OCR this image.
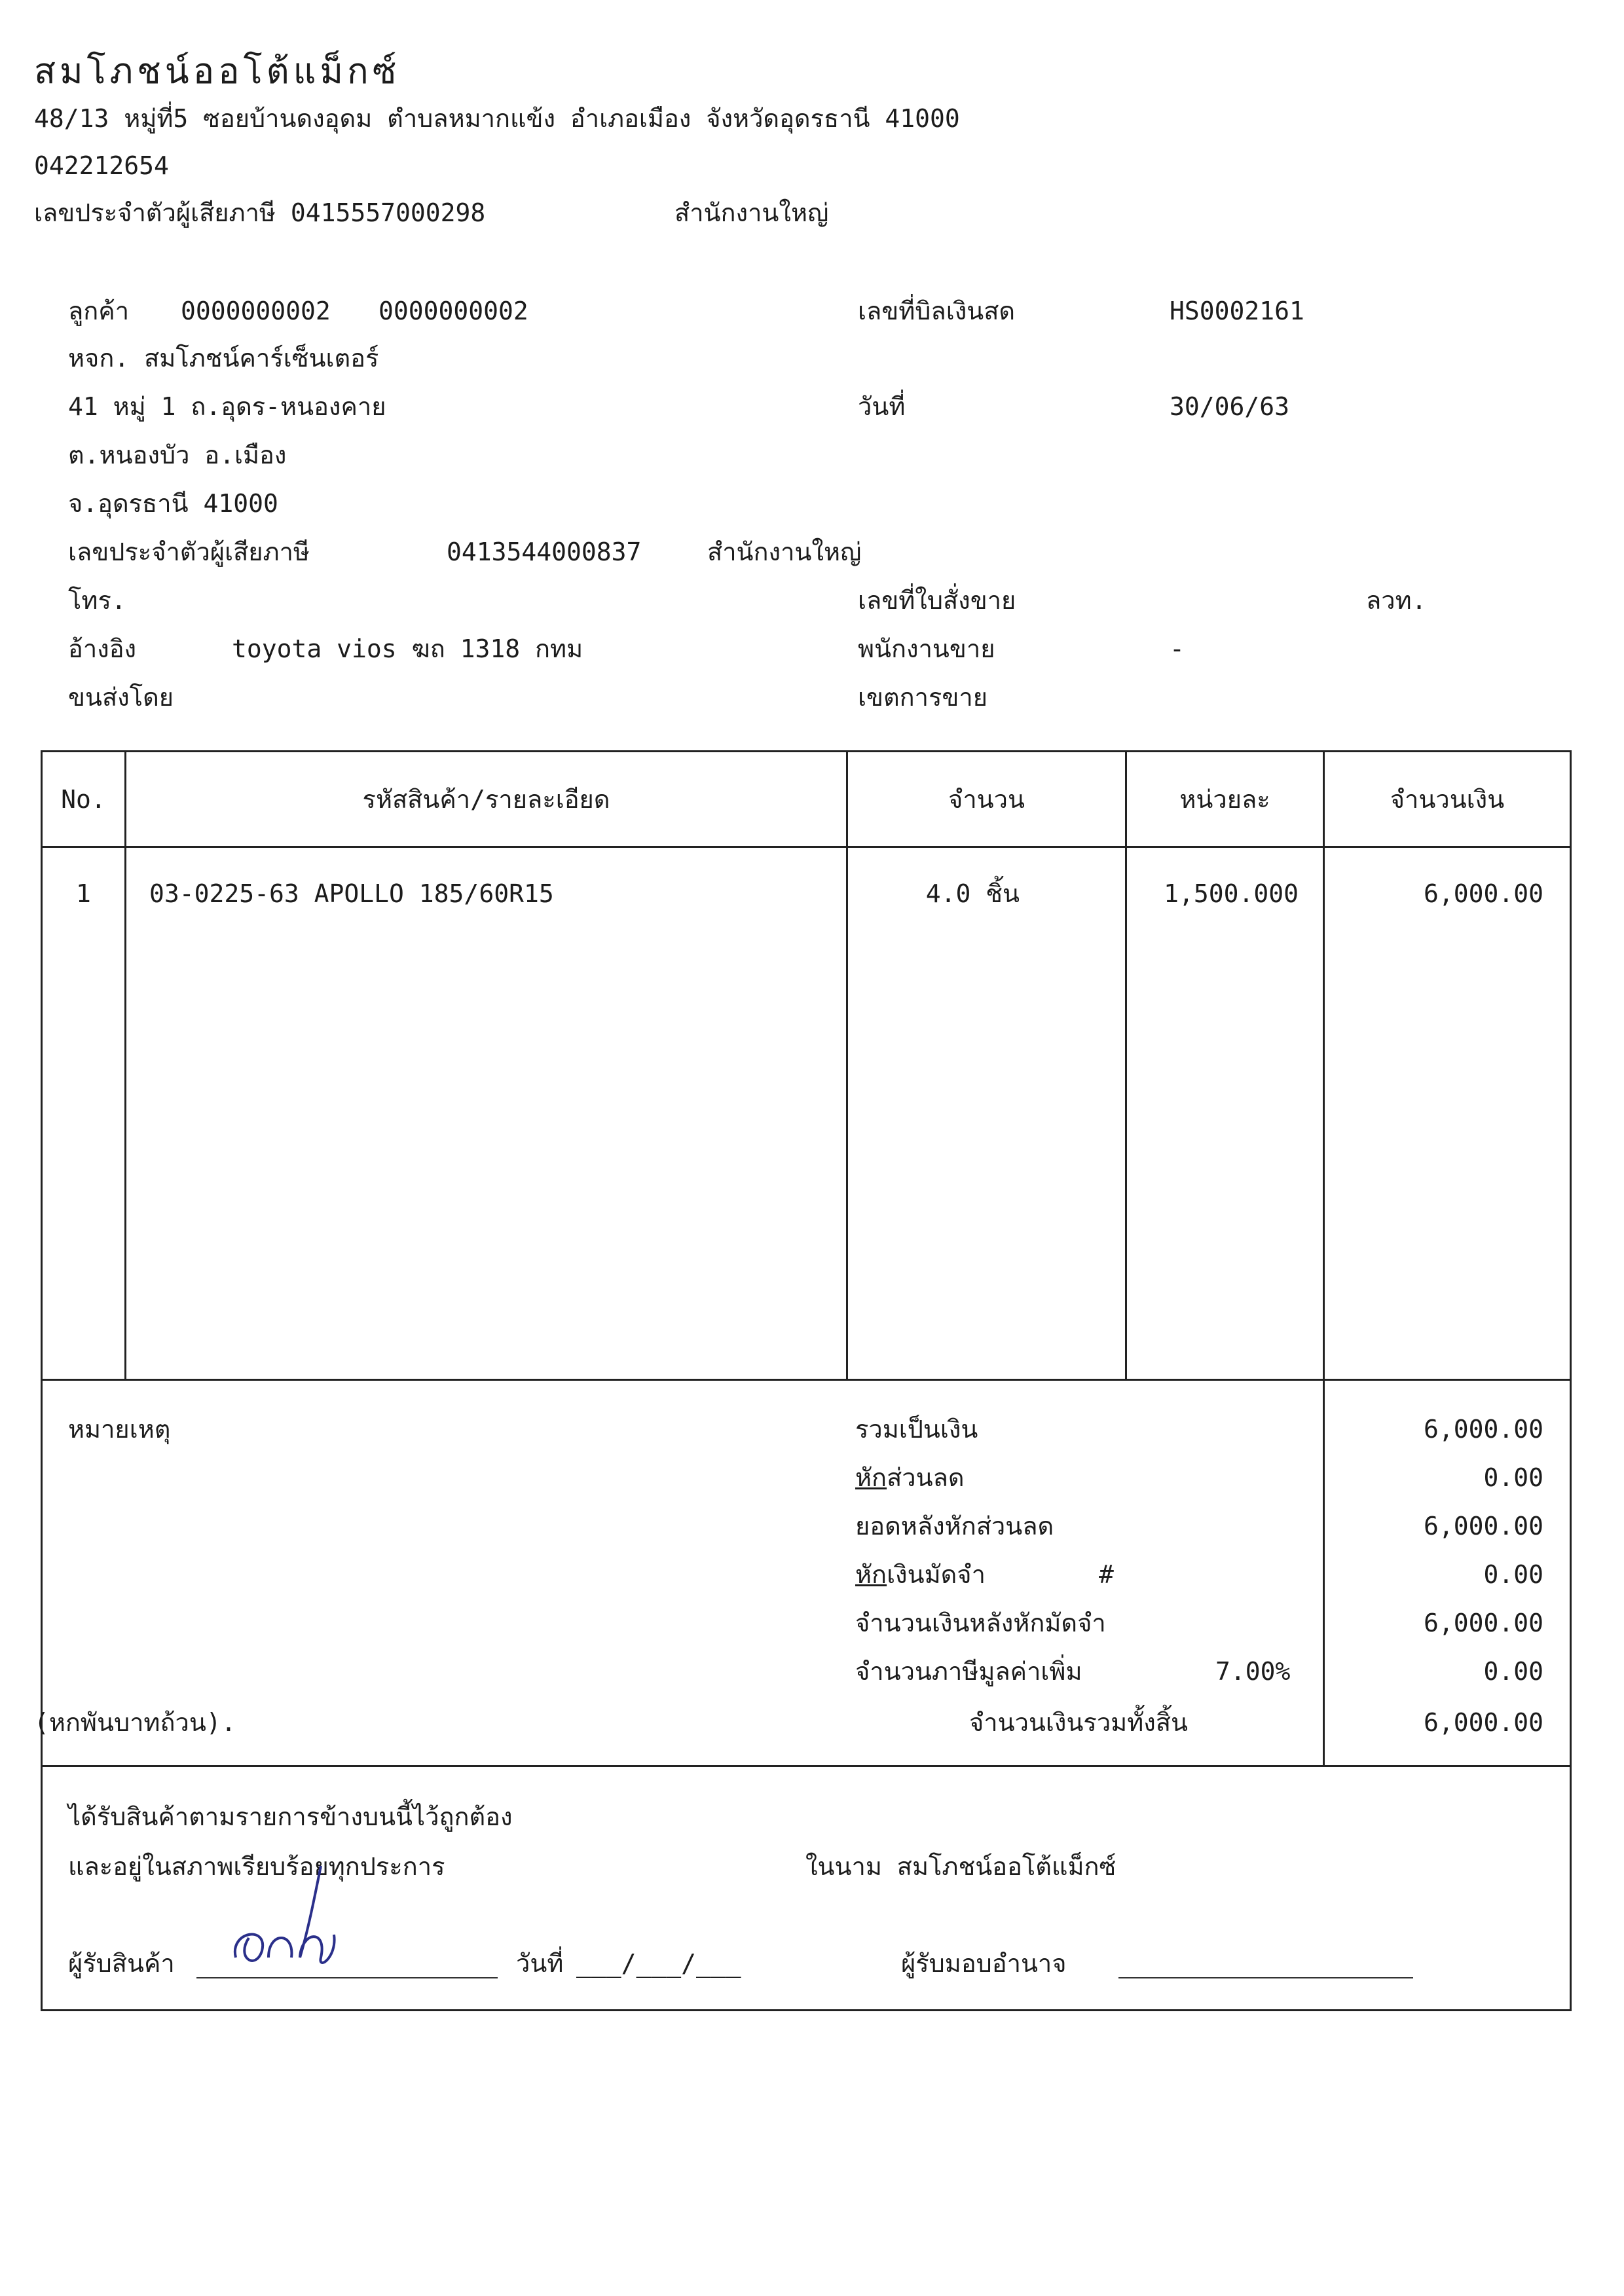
สมโภชน์ออโต้แม็กซ์
48/13 หมู่ที่5 ซอยบ้านดงอุดม ตำบลหมากแข้ง อำเภอเมือง จังหวัดอุดรธานี 41000
042212654
เลขประจำตัวผู้เสียภาษี 0415557000298	สำนักงานใหญ่
ลูกค้า 0000000002 0000000002
หจก. สมโภชน์คาร์เซ็นเตอร์
41 หมู่ 1 ถ.อุดร-หนองคาย
ต.หนองบัว อ.เมือง
จ.อุดรธานี 41000
เลขประจำตัวผู้เสียภาษี	0413544000837	สำนักงานใหญ่
โทร.
อ้างอิง	toyota vios ฆถ 1318 กทม
ขนส่งโดย
เลขที่บิลเงินสด	HS0002161
วันที่	30/06/63
เลขที่ใบสั่งขาย	ลวท.
พนักงานขาย	-
เขตการขาย
No.	รหัสสินค้า/รายละเอียด	จำนวน	หน่วยละ	จำนวนเงิน
1	03-0225-63 APOLLO 185/60R15	4.0 ชิ้น	1,500.000	6,000.00
หมายเหตุ
(หกพันบาทถ้วน).
รวมเป็นเงิน	6,000.00
หักส่วนลด	0.00
ยอดหลังหักส่วนลด	6,000.00
หักเงินมัดจำ	#	0.00
จำนวนเงินหลังหักมัดจำ	6,000.00
จำนวนภาษีมูลค่าเพิ่ม	7.00%	0.00
จำนวนเงินรวมทั้งสิ้น	6,000.00
ได้รับสินค้าตามรายการข้างบนนี้ไว้ถูกต้อง
และอยู่ในสภาพเรียบร้อยทุกประการ	ในนาม สมโภชน์ออโต้แม็กซ์
ผู้รับสินค้า	วันที่ ___/___/___	ผู้รับมอบอำนาจ
